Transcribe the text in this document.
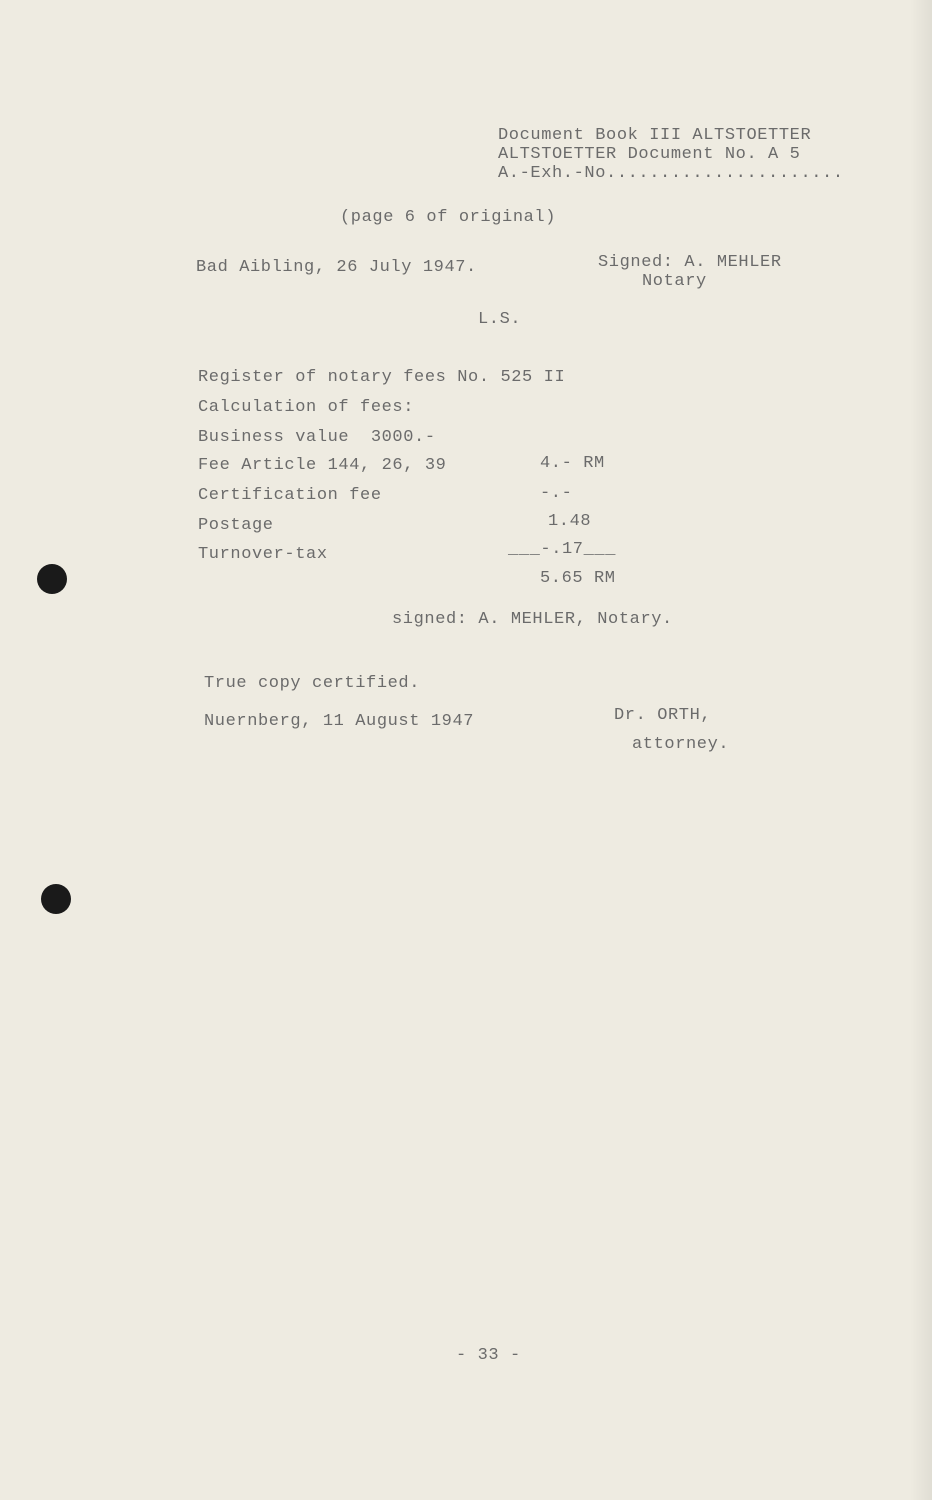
Document Book III ALTSTOETTER
ALTSTOETTER Document No. A 5
A.-Exh.-No......................
(page 6 of original)
Bad Aibling, 26 July 1947.	Signed: A. MEHLER
Notary
L.S.
Register of notary fees No. 525 II
Calculation of fees:
Business value  3000.-
Fee Article 144, 26, 39	4.- RM
Certification fee	-.-
Postage	1.48
Turnover-tax	___-.17___
5.65 RM
signed: A. MEHLER, Notary.
True copy certified.
Nuernberg, 11 August 1947	Dr. ORTH,
attorney.
- 33 -
